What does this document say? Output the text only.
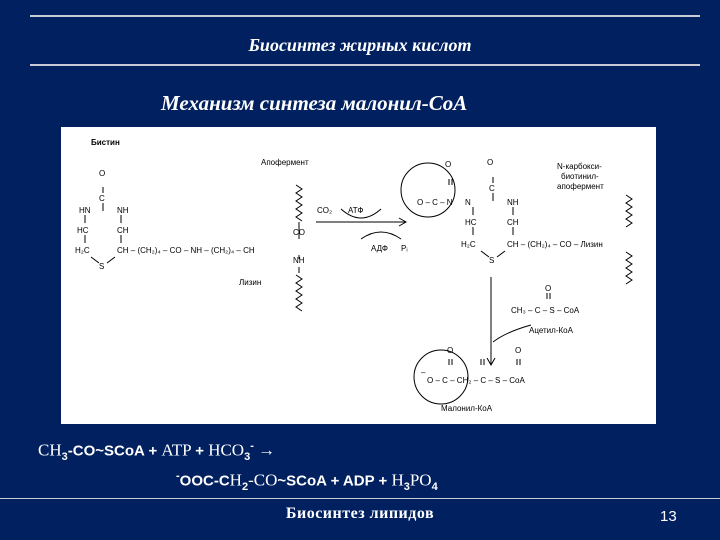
Биосинтез жирных кислот
Механизм синтеза малонил-CoA
Бистин
O
C
HN	NH
HC	CH
H₂C
S
CH – (CH₂)₄ – CO – NH – (CH₂)₄ – CH
Апофермент
CO
NH
Лизин
CO₂ АТФ
АДФ Pᵢ
O
O – C – N
O
C
N	NH
HC	CH
H₂C
S
CH – (CH₂)₄ – CO – Лизин
N-карбокси-
биотинил-
апофермент
O
CH₃ – C – S – CoA
Ацетил-КоА
O
O
–
O – C – CH₂ – C – S – CoA
Малонил-КоА
$CH_3-CO\sim SCoA$ + ATP + $HCO_3^-$ →
$^-OOC-CH_2-CO\sim SCoA$ + ADP + $H_3PO_4$
Биосинтез липидов	13
